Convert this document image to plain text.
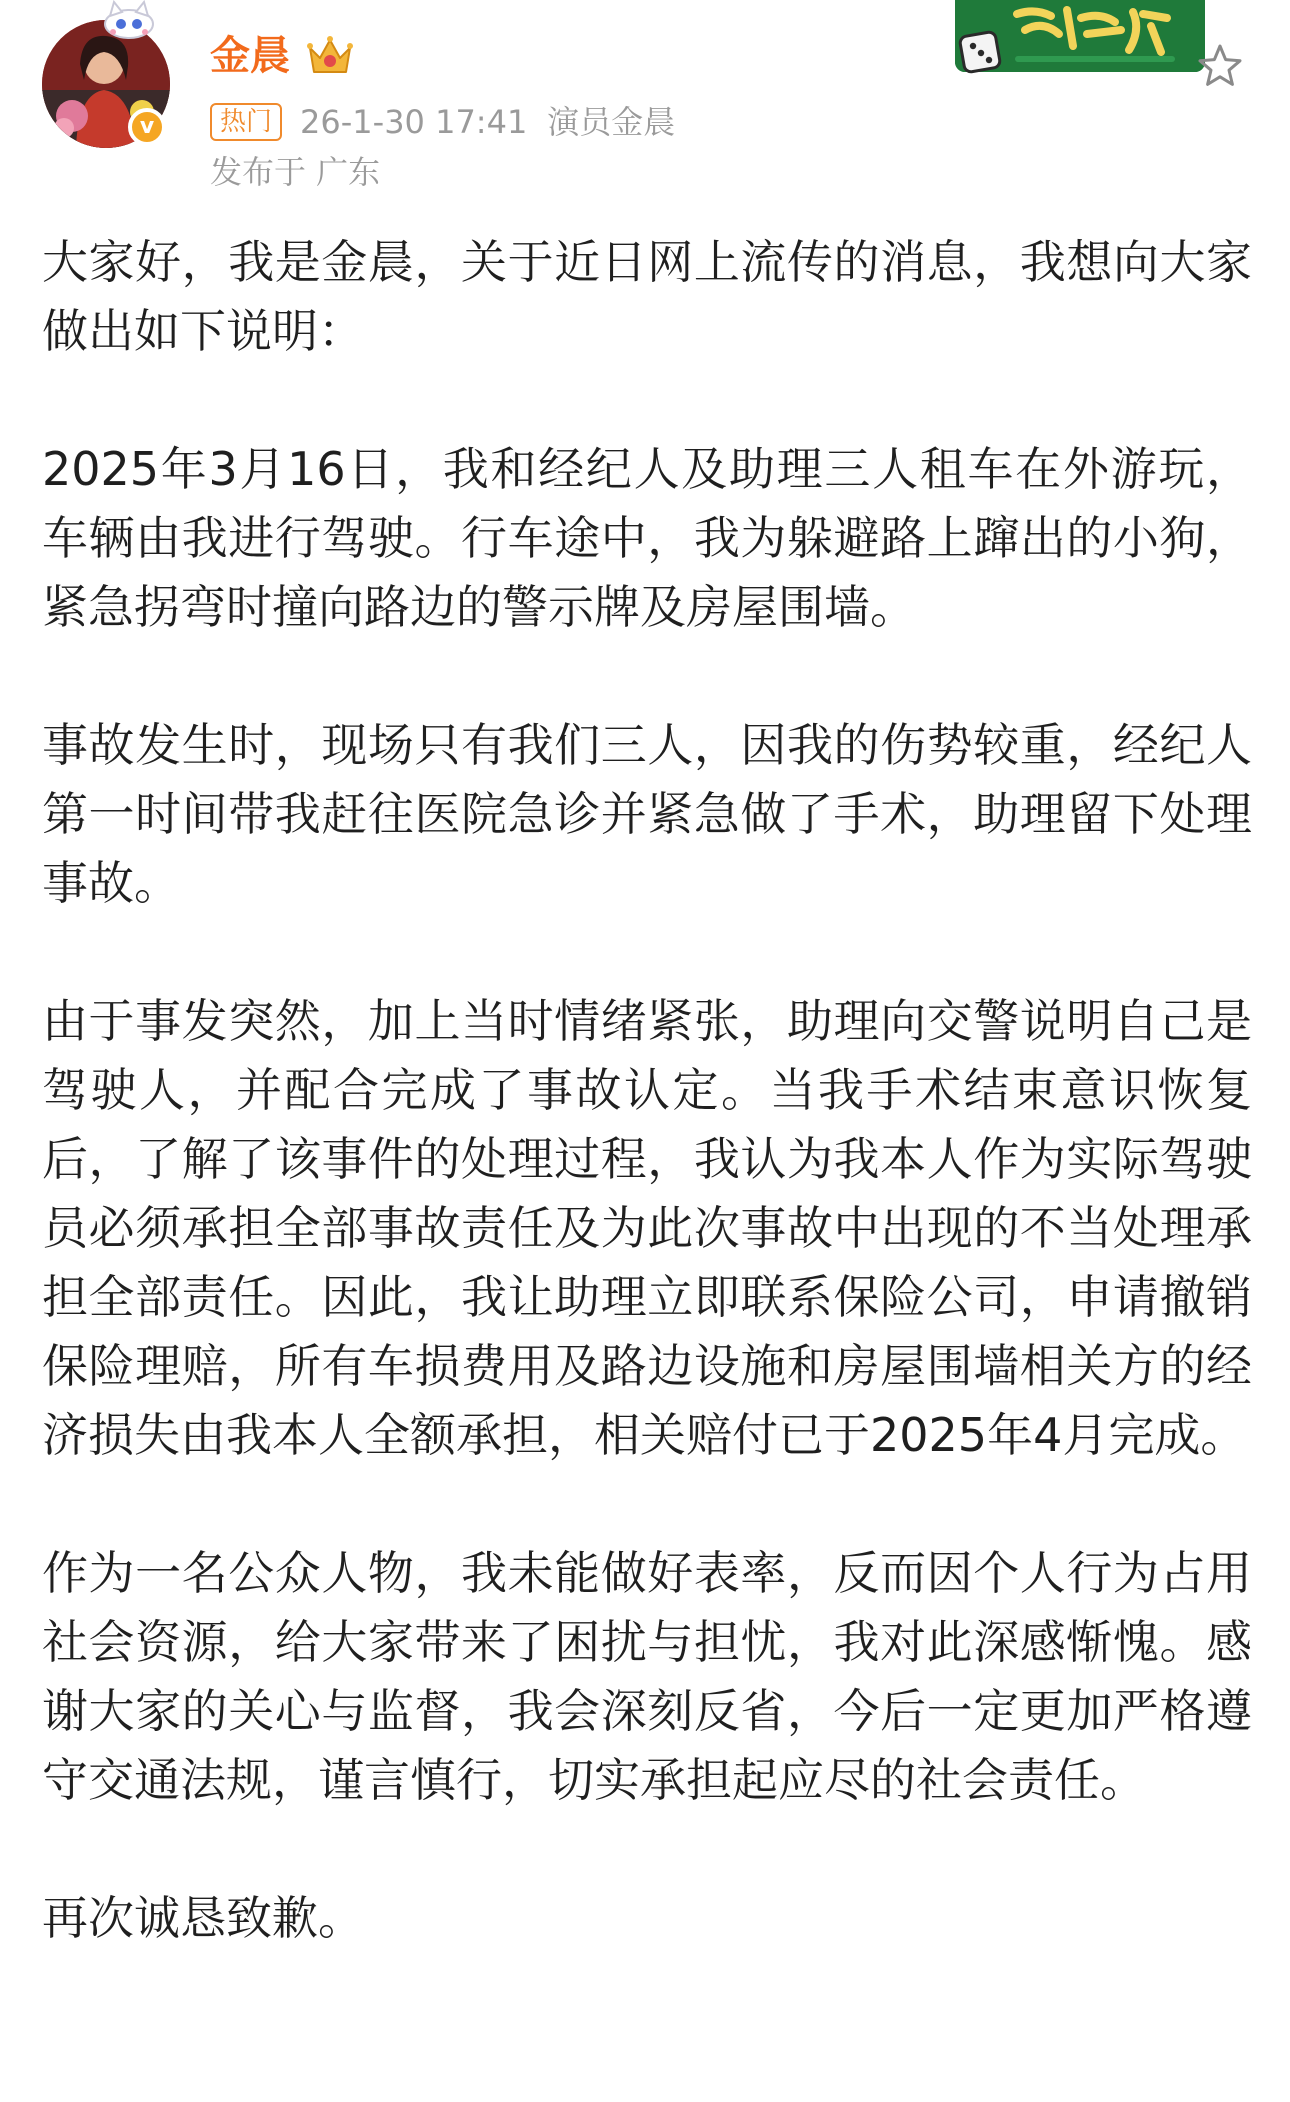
v
金晨
热门 26-1-30 17:41 演员金晨
发布于 广东

大家好，我是金晨，关于近日网上流传的消息，我想向大家做出如下说明：

2025年3月16日，我和经纪人及助理三人租车在外游玩，车辆由我进行驾驶。行车途中，我为躲避路上蹿出的小狗，紧急拐弯时撞向路边的警示牌及房屋围墙。

事故发生时，现场只有我们三人，因我的伤势较重，经纪人第一时间带我赶往医院急诊并紧急做了手术，助理留下处理事故。

由于事发突然，加上当时情绪紧张，助理向交警说明自己是驾驶人，并配合完成了事故认定。当我手术结束意识恢复后，了解了该事件的处理过程，我认为我本人作为实际驾驶员必须承担全部事故责任及为此次事故中出现的不当处理承担全部责任。因此，我让助理立即联系保险公司，申请撤销保险理赔，所有车损费用及路边设施和房屋围墙相关方的经济损失由我本人全额承担，相关赔付已于2025年4月完成。

作为一名公众人物，我未能做好表率，反而因个人行为占用社会资源，给大家带来了困扰与担忧，我对此深感惭愧。感谢大家的关心与监督，我会深刻反省，今后一定更加严格遵守交通法规，谨言慎行，切实承担起应尽的社会责任。

再次诚恳致歉。
